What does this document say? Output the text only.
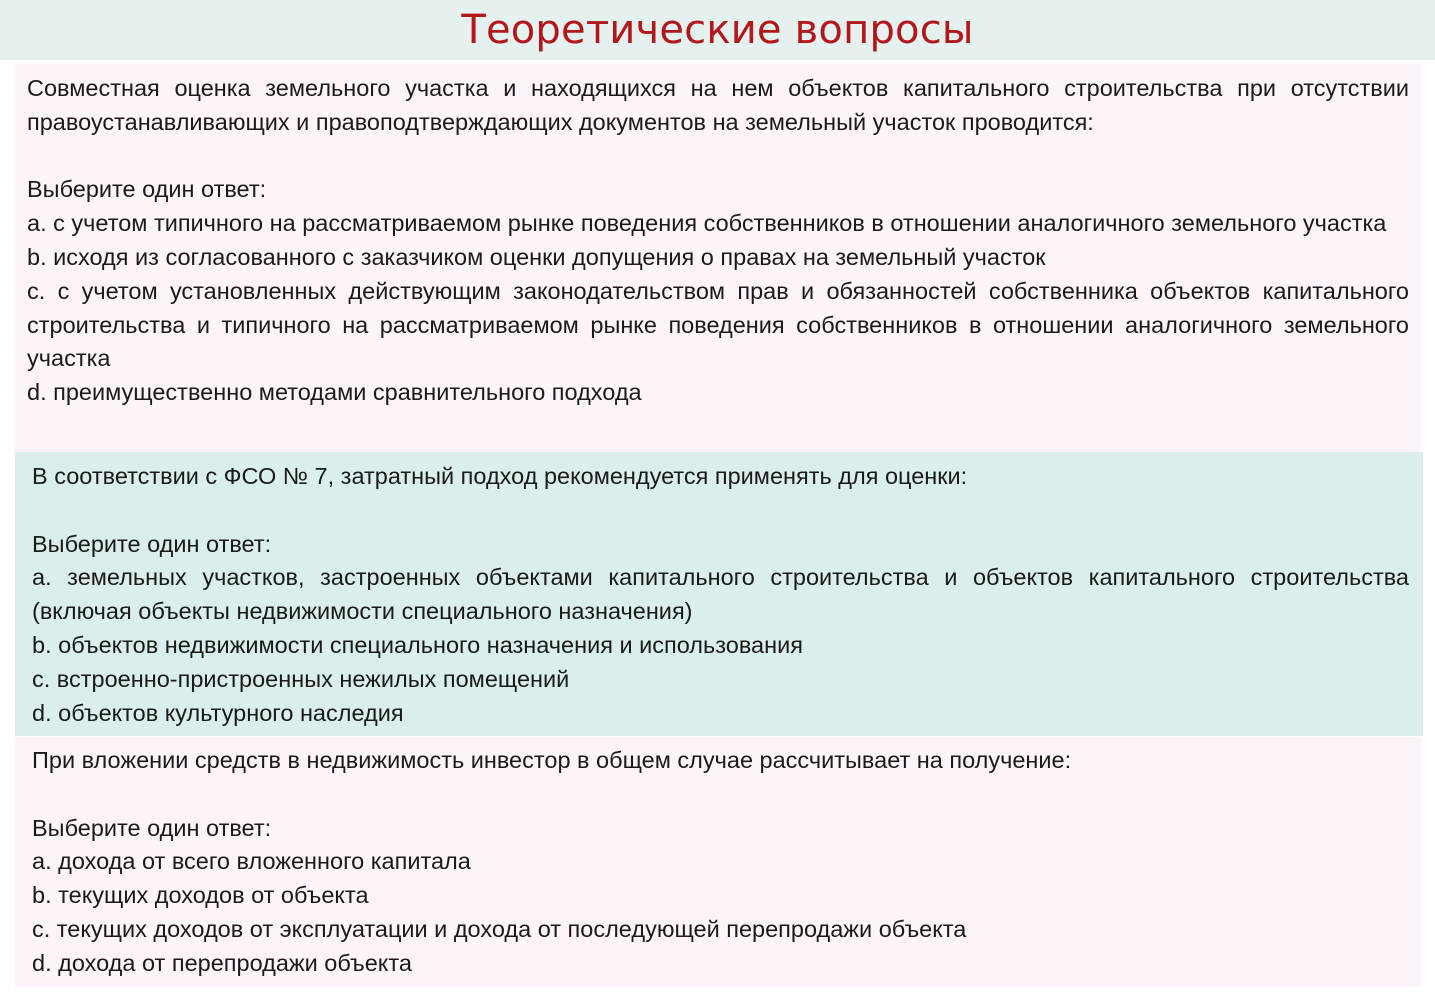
Теоретические вопросы

Совместная оценка земельного участка и находящихся на нем объектов капитального строительства при отсутствии правоустанавливающих и правоподтверждающих документов на земельный участок проводится:

Выберите один ответ:

a. с учетом типичного на рассматриваемом рынке поведения собственников в отношении аналогичного земельного участка

b. исходя из согласованного с заказчиком оценки допущения о правах на земельный участок

c. с учетом установленных действующим законодательством прав и обязанностей собственника объектов капитального строительства и типичного на рассматриваемом рынке поведения собственников в отношении аналогичного земельного участка

d. преимущественно методами сравнительного подхода

В соответствии с ФСО № 7, затратный подход рекомендуется применять для оценки:

Выберите один ответ:

a. земельных участков, застроенных объектами капитального строительства и объектов капитального строительства (включая объекты недвижимости специального назначения)

b. объектов недвижимости специального назначения и использования

c. встроенно-пристроенных нежилых помещений

d. объектов культурного наследия

При вложении средств в недвижимость инвестор в общем случае рассчитывает на получение:

Выберите один ответ:

a. дохода от всего вложенного капитала

b. текущих доходов от объекта

c. текущих доходов от эксплуатации и дохода от последующей перепродажи объекта

d. дохода от перепродажи объекта
